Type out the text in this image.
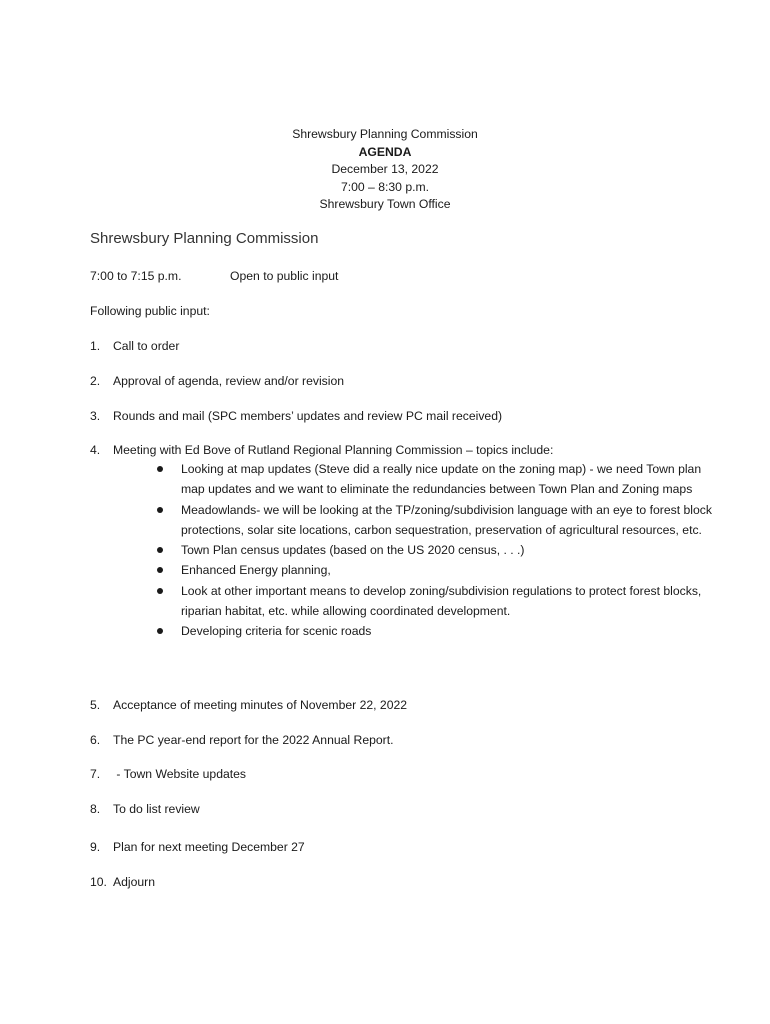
Shrewsbury Planning Commission
AGENDA
December 13, 2022
7:00 – 8:30 p.m.
Shrewsbury Town Office
Shrewsbury Planning Commission
7:00 to 7:15 p.m.	Open to public input
Following public input:
1. Call to order
2. Approval of agenda, review and/or revision
3. Rounds and mail (SPC members’ updates and review PC mail received)
4. Meeting with Ed Bove of Rutland Regional Planning Commission – topics include:
Looking at map updates (Steve did a really nice update on the zoning map) - we need Town plan map updates and we want to eliminate the redundancies between Town Plan and Zoning maps
Meadowlands- we will be looking at the TP/zoning/subdivision language with an eye to forest block protections, solar site locations, carbon sequestration, preservation of agricultural resources, etc.
Town Plan census updates (based on the US 2020 census, . . .)
Enhanced Energy planning,
Look at other important means to develop zoning/subdivision regulations to protect forest blocks, riparian habitat, etc. while allowing coordinated development.
Developing criteria for scenic roads
5. Acceptance of meeting minutes of November 22, 2022
6. The PC year-end report for the 2022 Annual Report.
7. - Town Website updates
8. To do list review
9. Plan for next meeting December 27
10. Adjourn
